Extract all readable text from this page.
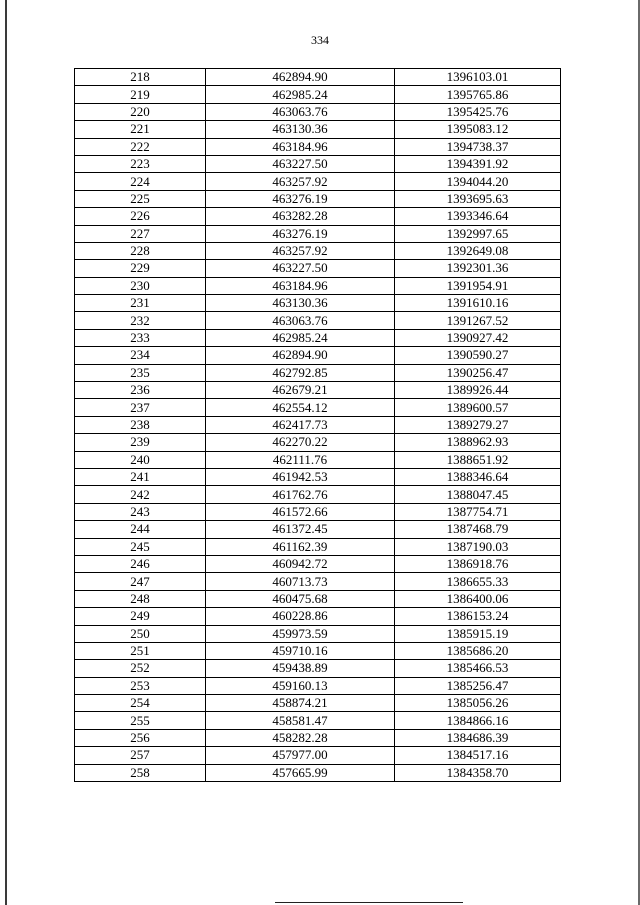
334
218	462894.90	1396103.01
219	462985.24	1395765.86
220	463063.76	1395425.76
221	463130.36	1395083.12
222	463184.96	1394738.37
223	463227.50	1394391.92
224	463257.92	1394044.20
225	463276.19	1393695.63
226	463282.28	1393346.64
227	463276.19	1392997.65
228	463257.92	1392649.08
229	463227.50	1392301.36
230	463184.96	1391954.91
231	463130.36	1391610.16
232	463063.76	1391267.52
233	462985.24	1390927.42
234	462894.90	1390590.27
235	462792.85	1390256.47
236	462679.21	1389926.44
237	462554.12	1389600.57
238	462417.73	1389279.27
239	462270.22	1388962.93
240	462111.76	1388651.92
241	461942.53	1388346.64
242	461762.76	1388047.45
243	461572.66	1387754.71
244	461372.45	1387468.79
245	461162.39	1387190.03
246	460942.72	1386918.76
247	460713.73	1386655.33
248	460475.68	1386400.06
249	460228.86	1386153.24
250	459973.59	1385915.19
251	459710.16	1385686.20
252	459438.89	1385466.53
253	459160.13	1385256.47
254	458874.21	1385056.26
255	458581.47	1384866.16
256	458282.28	1384686.39
257	457977.00	1384517.16
258	457665.99	1384358.70
